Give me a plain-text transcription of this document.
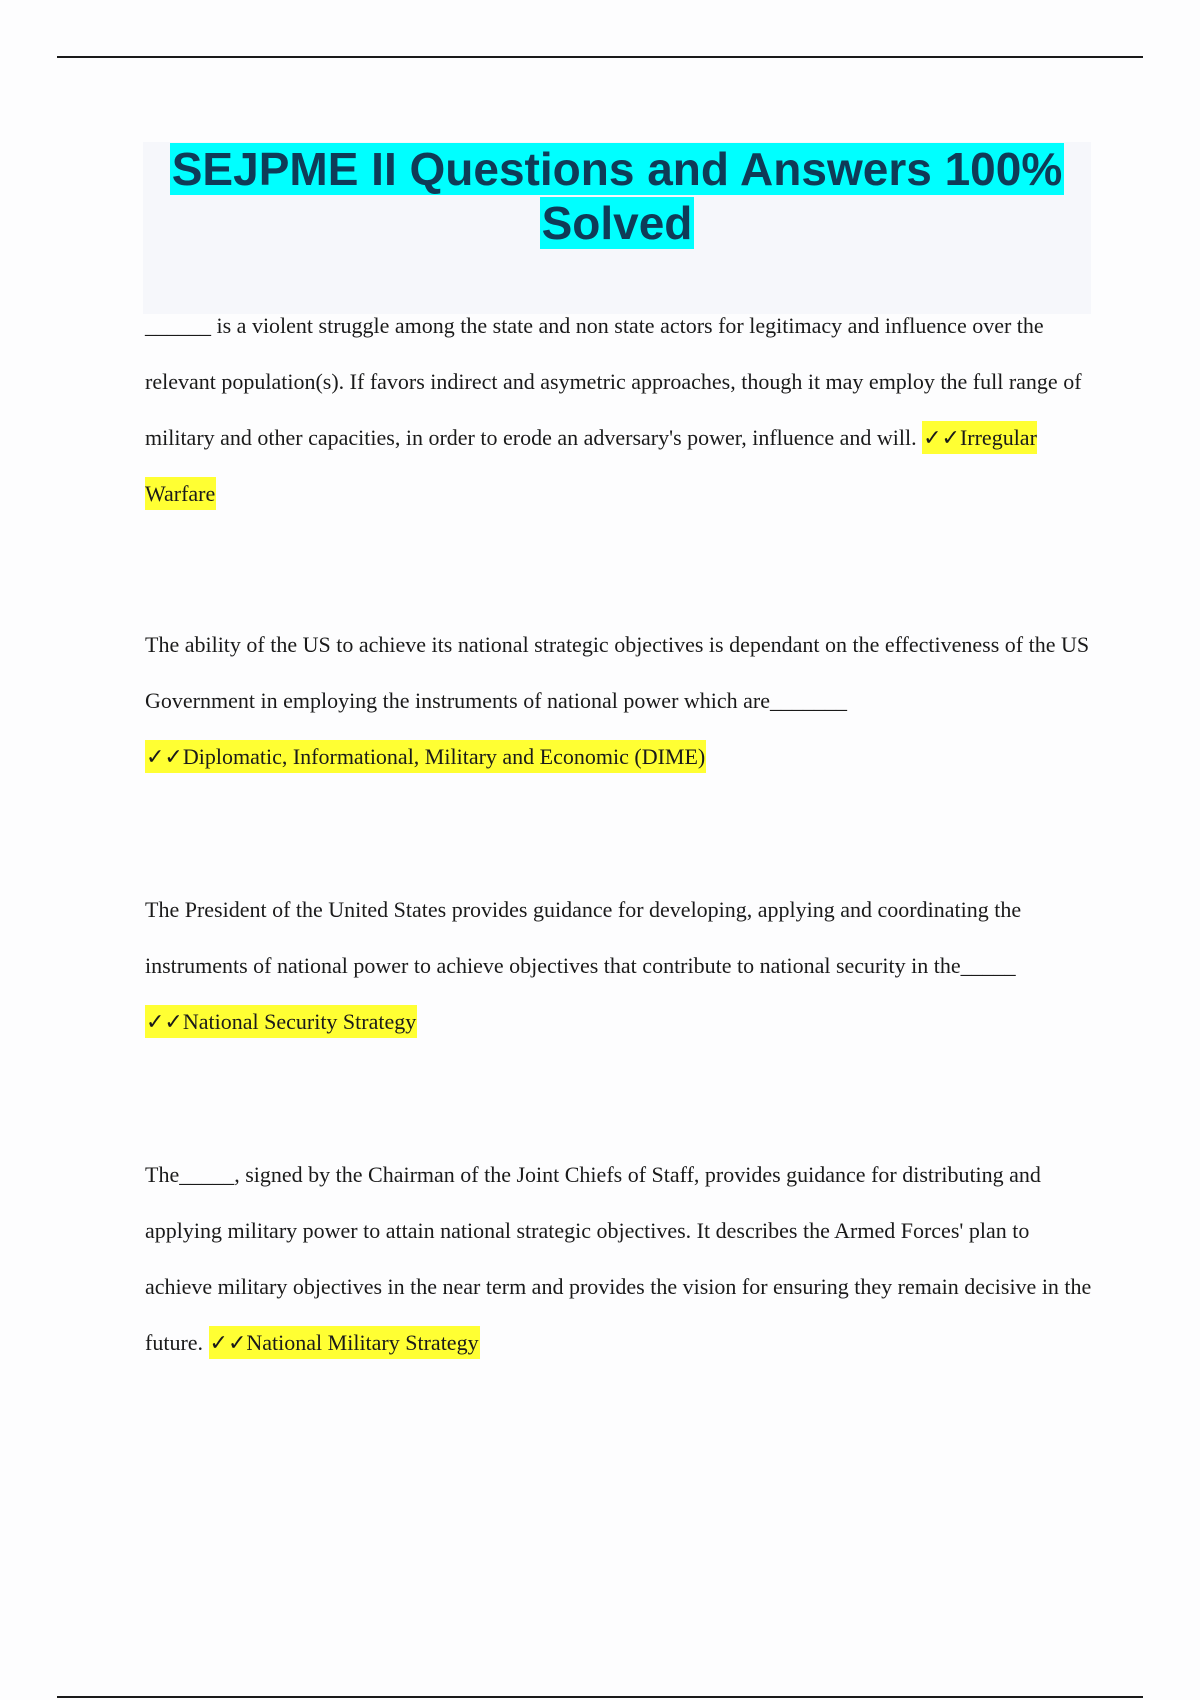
SEJPME II Questions and Answers 100% Solved

______ is a violent struggle among the state and non state actors for legitimacy and influence over the relevant population(s). If favors indirect and asymetric approaches, though it may employ the full range of military and other capacities, in order to erode an adversary's power, influence and will. ✓✓Irregular Warfare

The ability of the US to achieve its national strategic objectives is dependant on the effectiveness of the US Government in employing the instruments of national power which are_______
✓✓Diplomatic, Informational, Military and Economic (DIME)

The President of the United States provides guidance for developing, applying and coordinating the instruments of national power to achieve objectives that contribute to national security in the_____ ✓✓National Security Strategy

The_____, signed by the Chairman of the Joint Chiefs of Staff, provides guidance for distributing and applying military power to attain national strategic objectives. It describes the Armed Forces' plan to achieve military objectives in the near term and provides the vision for ensuring they remain decisive in the future. ✓✓National Military Strategy
